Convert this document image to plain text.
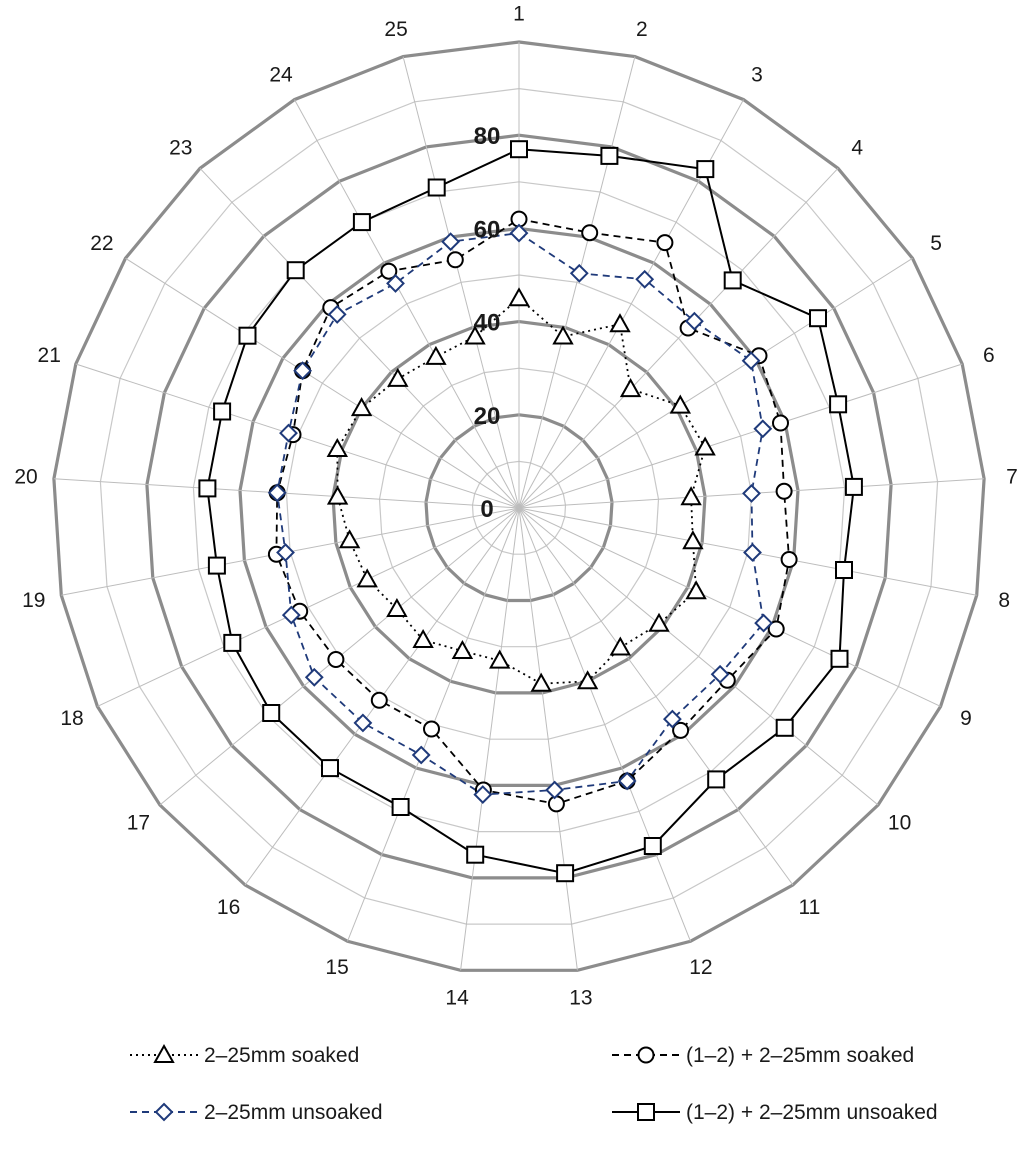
1
2
3
4
5
6
7
8
9
10
11
12
13
14
15
16
17
18
19
20
21
22
23
24
25
0
20
40
60
80
2–25mm soaked
2–25mm unsoaked
(1–2) + 2–25mm soaked
(1–2) + 2–25mm unsoaked
